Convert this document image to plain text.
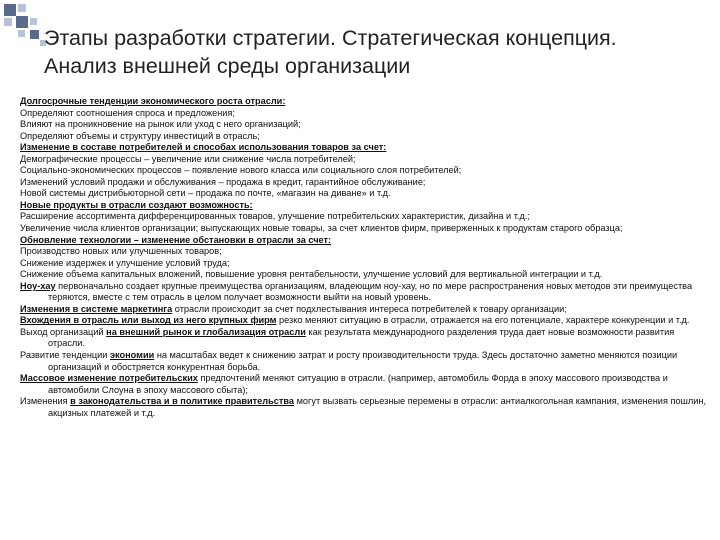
Этапы разработки стратегии. Стратегическая концепция.
Анализ внешней среды организации
Долгосрочные тенденции экономического роста отрасли:
Определяют соотношения спроса и предложения;
Влияют на проникновение на рынок или уход с него организаций;
Определяют объемы и структуру инвестиций в отрасль;
Изменение в составе потребителей и способах использования товаров за счет:
Демографические процессы – увеличение или снижение числа потребителей;
Социально-экономических процессов – появление нового класса или социального слоя потребителей;
Изменений условий продажи и обслуживания – продажа в кредит, гарантийное обслуживание;
Новой системы дистрибьюторной сети – продажа по почте, «магазин на диване» и т.д.
Новые продукты в отрасли создают возможность:
Расширение ассортимента дифференцированных товаров, улучшение потребительских характеристик, дизайна и т.д.;
Увеличение числа клиентов организации; выпускающих новые товары, за счет клиентов фирм, приверженных к продуктам старого образца;
Обновление технологии – изменение обстановки в отрасли за счет:
Производство новых или улучшенных товаров;
Снижение издержек и улучшение условий труда;
Снижение объема капитальных вложений, повышение уровня рентабельности, улучшение условий для вертикальной интеграции и т.д.
Ноу-хау первоначально создает крупные преимущества организациям, владеющим ноу-хау, но по мере распространения новых методов эти преимущества теряются, вместе с тем отрасль в целом получает возможности выйти на новый уровень.
Изменения в системе маркетинга отрасли происходит за счет подхлестывания интереса потребителей к товару организации;
Вхождения в отрасль или выход из него крупных фирм резко меняют ситуацию в отрасли, отражается на его потенциале, характере конкуренции и т.д.
Выход организаций на внешний рынок и глобализация отрасли как результата международного разделения труда дает новые возможности развития отрасли.
Развитие тенденции экономии на масштабах ведет к снижению затрат и росту производительности труда. Здесь достаточно заметно меняются позиции организаций и обостряется конкурентная борьба.
Массовое изменение потребительских предпочтений меняют ситуацию в отрасли. (например, автомобиль Форда в эпоху массового производства и автомобили Слоуна в эпоху массового сбыта);
Изменения в законодательства и в политике правительства могут вызвать серьезные перемены в отрасли: антиалкогольная кампания, изменения пошлин, акцизных платежей и т.д.
